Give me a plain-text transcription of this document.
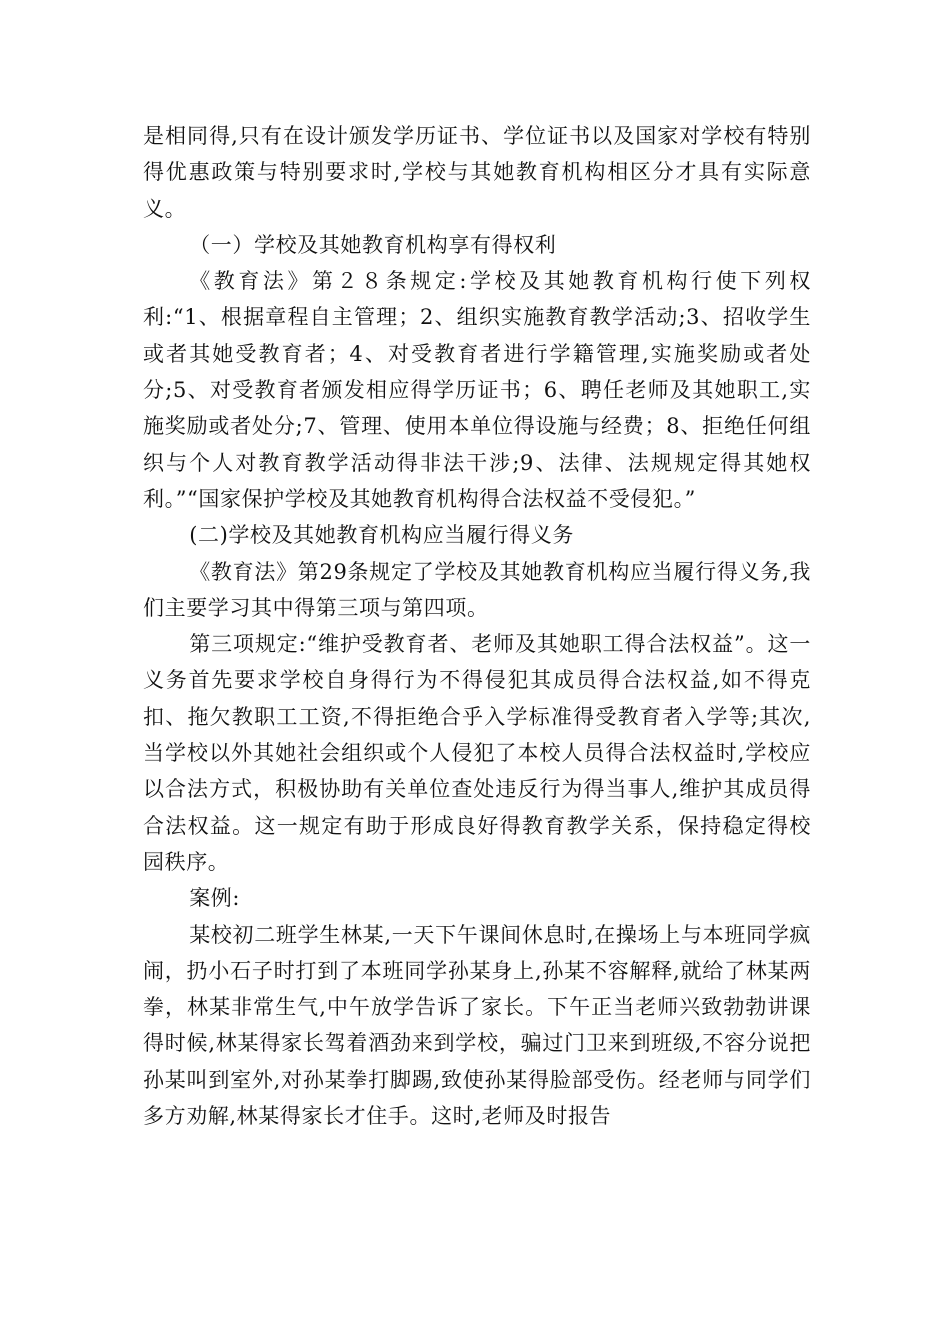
是相同得,只有在设计颁发学历证书、学位证书以及国家对学校有特别得优惠政策与特别要求时,学校与其她教育机构相区分才具有实际意义。

（一）学校及其她教育机构享有得权利

《教育法》第２８条规定:学校及其她教育机构行使下列权利:“1、根据章程自主管理；2、组织实施教育教学活动;3、招收学生或者其她受教育者；4、对受教育者进行学籍管理,实施奖励或者处分;5、对受教育者颁发相应得学历证书；6、聘任老师及其她职工,实施奖励或者处分;7、管理、使用本单位得设施与经费；8、拒绝任何组织与个人对教育教学活动得非法干涉;9、法律、法规规定得其她权利。”“国家保护学校及其她教育机构得合法权益不受侵犯。”

(二)学校及其她教育机构应当履行得义务

《教育法》第29条规定了学校及其她教育机构应当履行得义务,我们主要学习其中得第三项与第四项。

第三项规定:“维护受教育者、老师及其她职工得合法权益”。这一义务首先要求学校自身得行为不得侵犯其成员得合法权益,如不得克扣、拖欠教职工工资,不得拒绝合乎入学标准得受教育者入学等;其次,当学校以外其她社会组织或个人侵犯了本校人员得合法权益时,学校应以合法方式，积极协助有关单位查处违反行为得当事人,维护其成员得合法权益。这一规定有助于形成良好得教育教学关系，保持稳定得校园秩序。

案例:

某校初二班学生林某,一天下午课间休息时,在操场上与本班同学疯闹，扔小石子时打到了本班同学孙某身上,孙某不容解释,就给了林某两拳，林某非常生气,中午放学告诉了家长。下午正当老师兴致勃勃讲课得时候,林某得家长驾着酒劲来到学校，骗过门卫来到班级,不容分说把孙某叫到室外,对孙某拳打脚踢,致使孙某得脸部受伤。经老师与同学们多方劝解,林某得家长才住手。这时,老师及时报告
